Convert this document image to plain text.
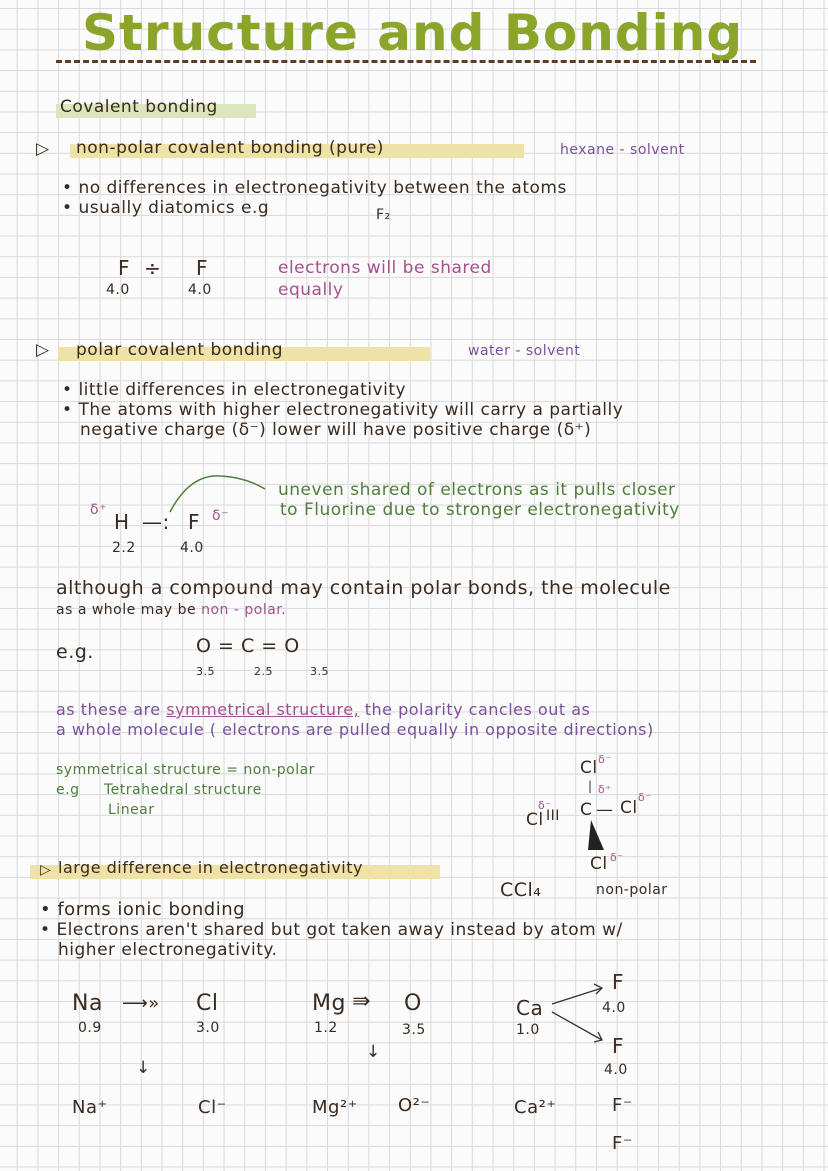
Structure and Bonding
Covalent bonding
▷ non-polar covalent bonding (pure)	hexane - solvent
• no differences in electronegativity between the atoms
• usually diatomics e.g	F₂
F ÷ F
4.0	4.0
electrons will be shared
equally
▷ polar covalent bonding	water - solvent
• little differences in electronegativity
• The atoms with higher electronegativity will carry a partially
negative charge (δ⁻) lower will have positive charge (δ⁺)
δ⁺ H —: F δ⁻
2.2	4.0
uneven shared of electrons as it pulls closer
to Fluorine due to stronger electronegativity
although a compound may contain polar bonds, the molecule
as a whole may be non - polar.
e.g.	O = C = O
3.5	2.5	3.5
as these are symmetrical structure, the polarity cancles out as
a whole molecule ( electrons are pulled equally in opposite directions)
symmetrical structure = non-polar
e.g Tetrahedral structure
Linear
Cl δ⁻
| δ⁺
Cl
δ⁻
III C — Cl
δ⁻
Cl δ⁻
CCl₄	non-polar
▷ large difference in electronegativity
• forms ionic bonding
• Electrons aren't shared but got taken away instead by atom w/
higher electronegativity.
Na ⟶» Cl
0.9	3.0
↓
Na⁺	Cl⁻
Mg ⇛ O
1.2	3.5
↓
Mg²⁺ O²⁻
Ca
1.0
F
4.0
F
4.0
Ca²⁺	F⁻
F⁻
